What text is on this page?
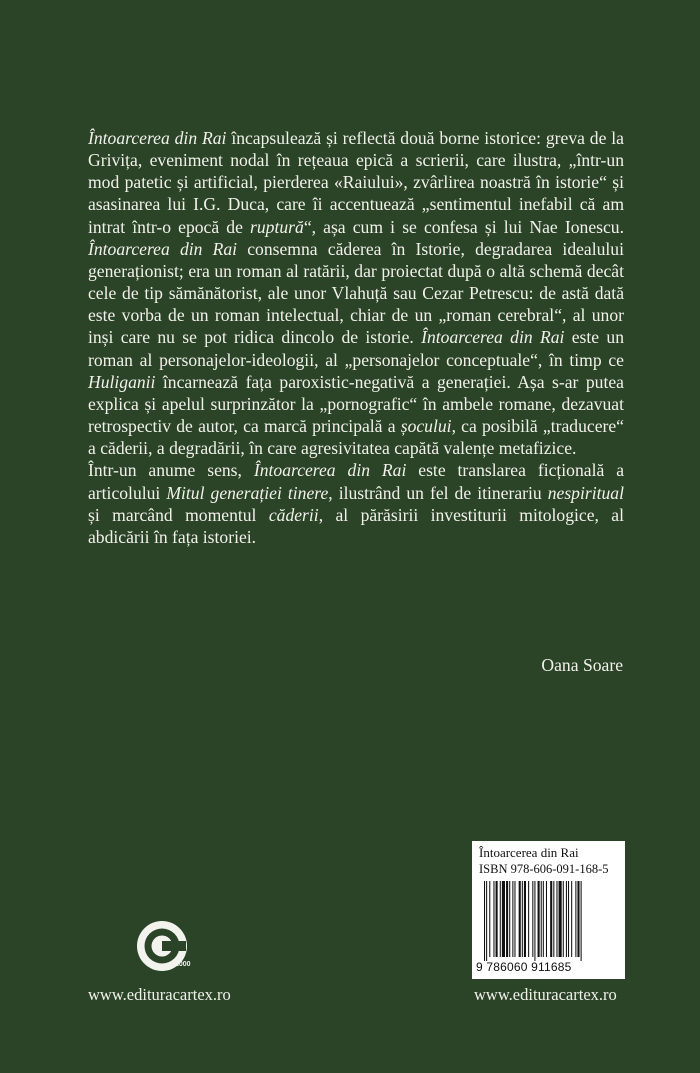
Întoarcerea din Rai încapsulează și reflectă două borne istorice: greva de la Grivița, eveniment nodal în rețeaua epică a scrierii, care ilustra, „într-un mod patetic și artificial, pierderea «Raiului», zvârlirea noastră în istorie“ și asasinarea lui I.G. Duca, care îi accentuează „sentimentul inefabil că am intrat într-o epocă de ruptură“, așa cum i se confesa și lui Nae Ionescu. Întoarcerea din Rai consemna căderea în Istorie, degradarea idealului generaționist; era un roman al ratării, dar proiectat după o altă schemă decât cele de tip sămănătorist, ale unor Vlahuță sau Cezar Petrescu: de astă dată este vorba de un roman intelectual, chiar de un „roman cerebral“, al unor inși care nu se pot ridica dincolo de istorie. Întoarcerea din Rai este un roman al personajelor-ideologii, al „personajelor conceptuale“, în timp ce Huliganii încarnează fața paroxistic-negativă a generației. Așa s-ar putea explica și apelul surprinzător la „pornografic“ în ambele romane, dezavuat retrospectiv de autor, ca marcă principală a șocului, ca posibilă „traducere“ a căderii, a degradării, în care agresivitatea capătă valențe metafizice.

Într-un anume sens, Întoarcerea din Rai este translarea ficțională a articolului Mitul generației tinere, ilustrând un fel de itinerariu nespiritual și marcând momentul căderii, al părăsirii investiturii mitologice, al abdicării în fața istoriei.

Oana Soare
2000
www.edituracartex.ro
Întoarcerea din Rai
ISBN 978-606-091-168-5
9 786060 911685
www.edituracartex.ro
